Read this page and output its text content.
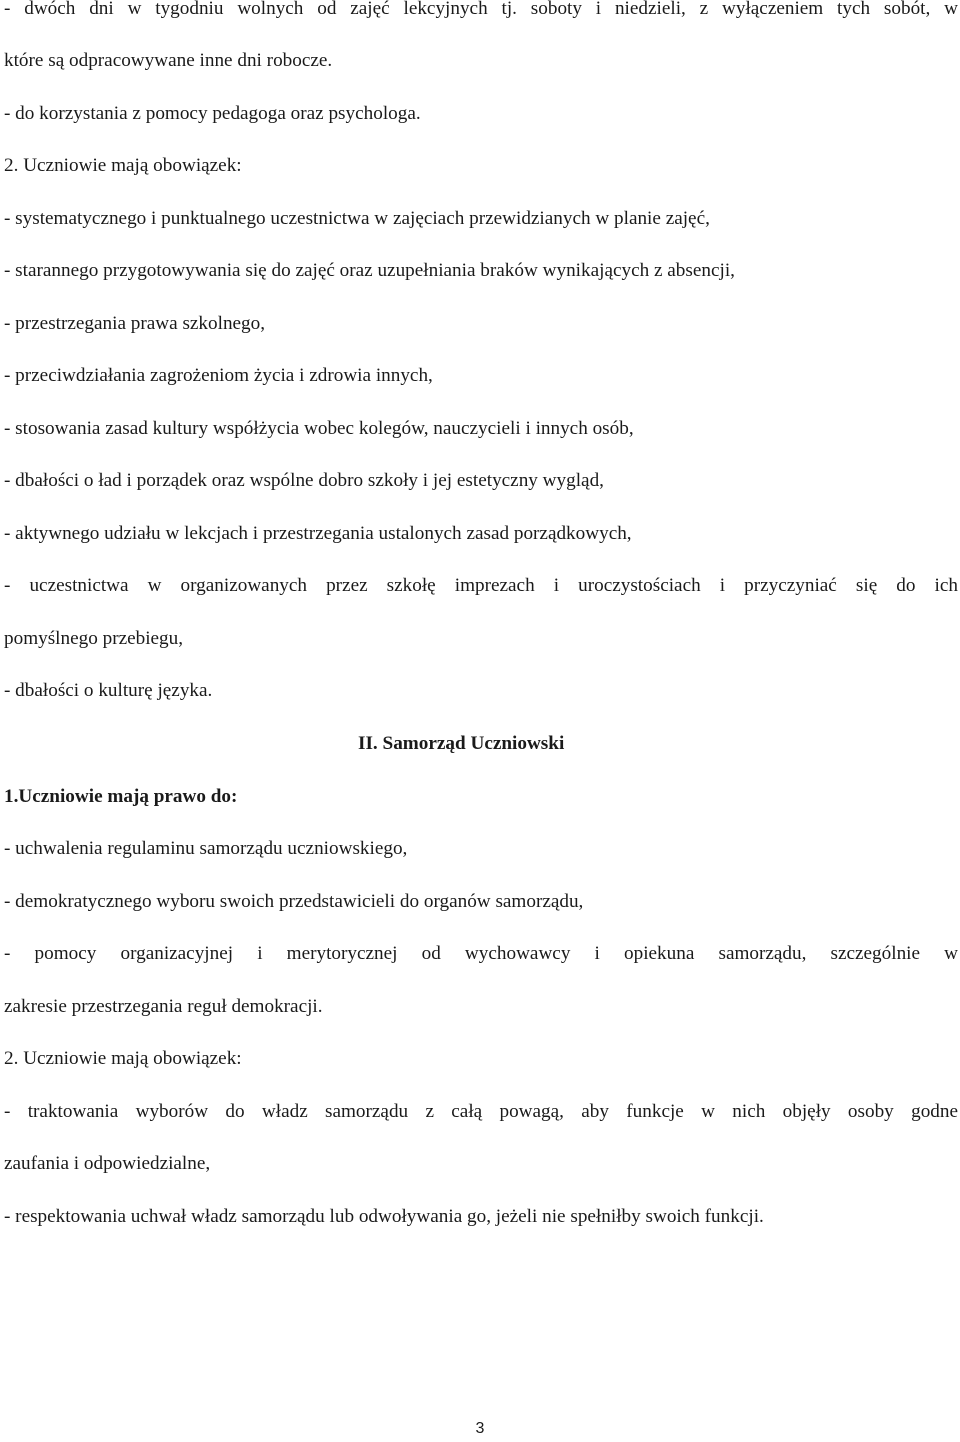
- dwóch dni w tygodniu wolnych od zajęć lekcyjnych tj. soboty i niedzieli, z wyłączeniem tych sobót, w
które są odpracowywane inne dni robocze.
- do korzystania z pomocy pedagoga oraz psychologa.
2. Uczniowie mają obowiązek:
- systematycznego i punktualnego uczestnictwa w zajęciach przewidzianych w planie zajęć,
- starannego przygotowywania się do zajęć oraz uzupełniania braków wynikających z absencji,
- przestrzegania prawa szkolnego,
- przeciwdziałania zagrożeniom życia i zdrowia innych,
- stosowania zasad kultury współżycia wobec kolegów, nauczycieli i innych osób,
- dbałości o ład i porządek oraz wspólne dobro szkoły i jej estetyczny wygląd,
- aktywnego udziału w lekcjach i przestrzegania ustalonych zasad porządkowych,
- uczestnictwa w organizowanych przez szkołę imprezach i uroczystościach i przyczyniać się do ich
pomyślnego przebiegu,
- dbałości o kulturę języka.
II. Samorząd Uczniowski
1.Uczniowie mają prawo do:
- uchwalenia regulaminu samorządu uczniowskiego,
- demokratycznego wyboru swoich przedstawicieli do organów samorządu,
- pomocy organizacyjnej i merytorycznej od wychowawcy i opiekuna samorządu, szczególnie w
zakresie przestrzegania reguł demokracji.
2. Uczniowie mają obowiązek:
- traktowania wyborów do władz samorządu z całą powagą, aby funkcje w nich objęły osoby godne
zaufania i odpowiedzialne,
- respektowania uchwał władz samorządu lub odwoływania go, jeżeli nie spełniłby swoich funkcji.
3
